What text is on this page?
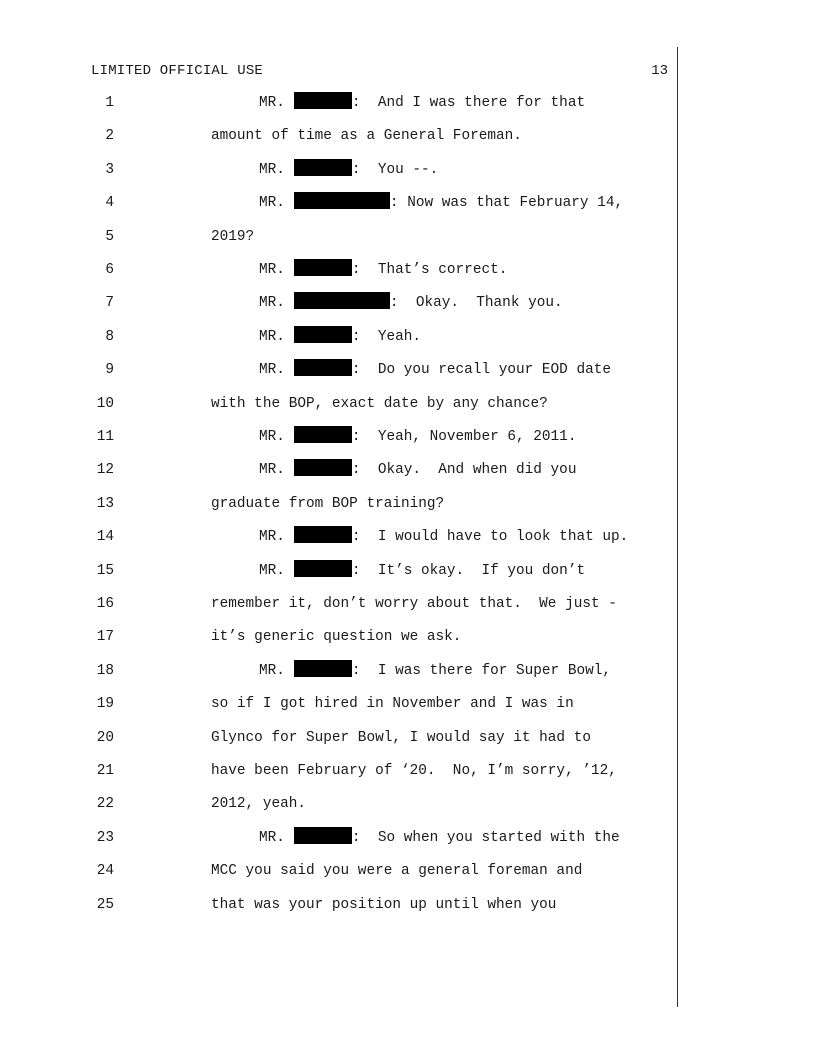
LIMITED OFFICIAL USE	13
1	MR.	:  And I was there for that
2	amount of time as a General Foreman.
3	MR.	:  You --.
4	MR.	: Now was that February 14,
5	2019?
6	MR.	:  That’s correct.
7	MR.	:  Okay.  Thank you.
8	MR.	:  Yeah.
9	MR.	:  Do you recall your EOD date
10	with the BOP, exact date by any chance?
11	MR.	:  Yeah, November 6, 2011.
12	MR.	:  Okay.  And when did you
13	graduate from BOP training?
14	MR.	:  I would have to look that up.
15	MR.	:  It’s okay.  If you don’t
16	remember it, don’t worry about that.  We just -
17	it’s generic question we ask.
18	MR.	:  I was there for Super Bowl,
19	so if I got hired in November and I was in
20	Glynco for Super Bowl, I would say it had to
21	have been February of ‘20.  No, I’m sorry, ’12,
22	2012, yeah.
23	MR.	:  So when you started with the
24	MCC you said you were a general foreman and
25	that was your position up until when you
